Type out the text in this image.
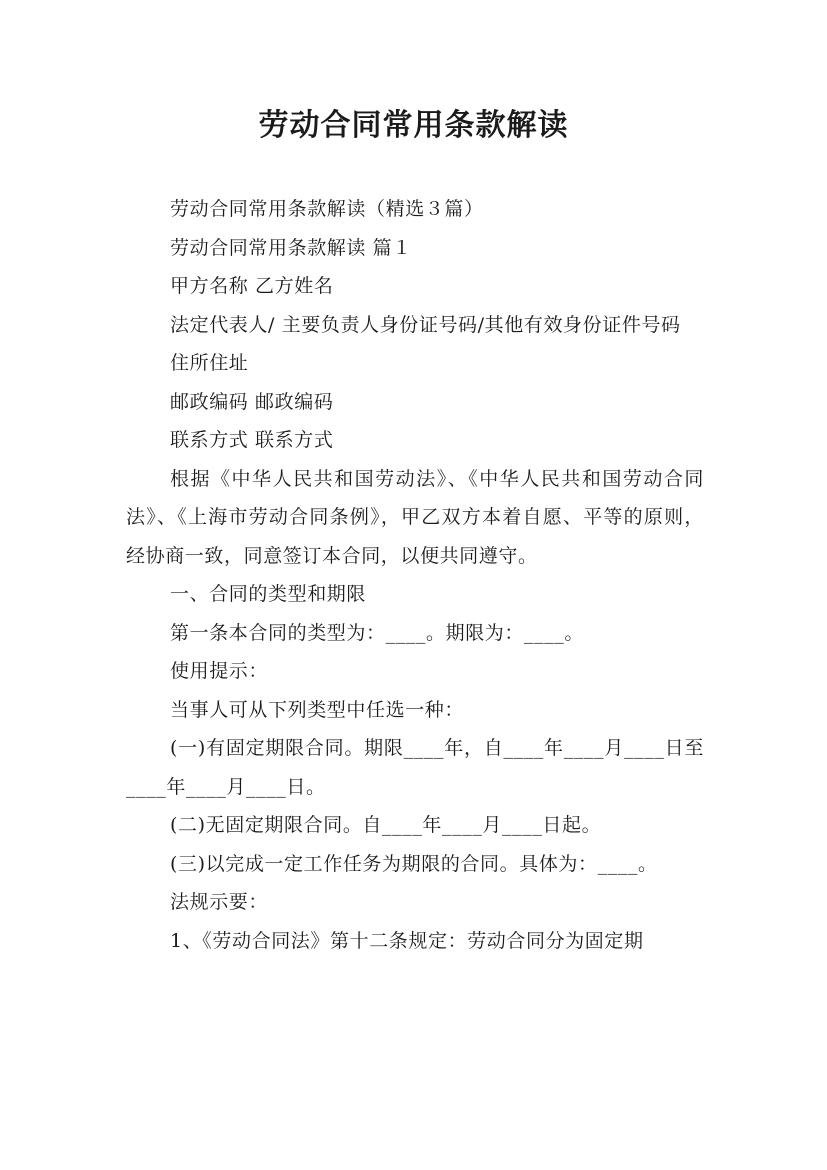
劳动合同常用条款解读

劳动合同常用条款解读（精选３篇）

劳动合同常用条款解读 篇１

甲方名称 乙方姓名

法定代表人/ 主要负责人身份证号码/其他有效身份证件号码

住所住址

邮政编码 邮政编码

联系方式 联系方式

根据《中华人民共和国劳动法》、《中华人民共和国劳动合同法》、《上海市劳动合同条例》，甲乙双方本着自愿、平等的原则，经协商一致，同意签订本合同，以便共同遵守。

一、合同的类型和期限

第一条本合同的类型为：____。期限为：____。

使用提示：

当事人可从下列类型中任选一种：

(一)有固定期限合同。期限____年，自____年____月____日至____年____月____日。

(二)无固定期限合同。自____年____月____日起。

(三)以完成一定工作任务为期限的合同。具体为：____。

法规示要：

1、《劳动合同法》第十二条规定：劳动合同分为固定期
